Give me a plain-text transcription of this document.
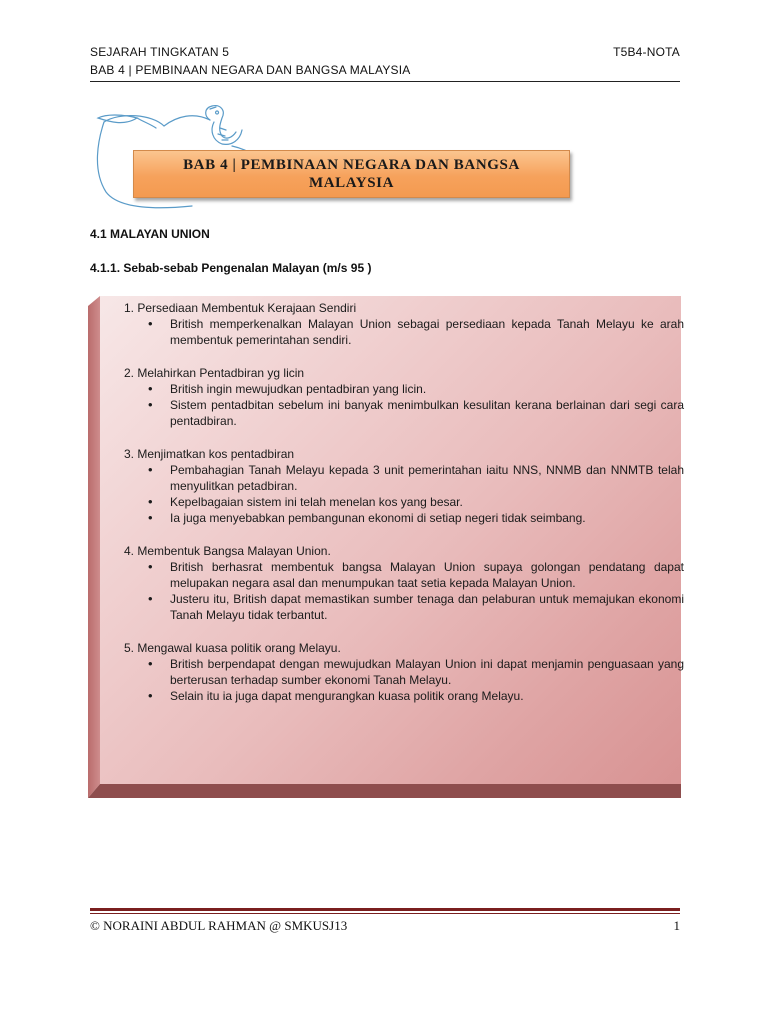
SEJARAH TINGKATAN 5	T5B4-NOTA
BAB 4 | PEMBINAAN NEGARA DAN BANGSA MALAYSIA
BAB 4 | PEMBINAAN NEGARA DAN BANGSA
MALAYSIA
4.1 MALAYAN UNION
4.1.1. Sebab-sebab Pengenalan Malayan (m/s 95 )
1. Persediaan Membentuk Kerajaan Sendiri
• British memperkenalkan Malayan Union sebagai persediaan kepada Tanah Melayu ke arah membentuk pemerintahan sendiri.
2. Melahirkan Pentadbiran yg licin
• British ingin mewujudkan pentadbiran yang licin.
• Sistem pentadbitan sebelum ini banyak menimbulkan kesulitan kerana berlainan dari segi cara pentadbiran.
3. Menjimatkan kos pentadbiran
• Pembahagian Tanah Melayu kepada 3 unit pemerintahan iaitu NNS, NNMB dan NNMTB telah menyulitkan petadbiran.
• Kepelbagaian sistem ini telah menelan kos yang besar.
• Ia juga menyebabkan pembangunan ekonomi di setiap negeri tidak seimbang.
4. Membentuk Bangsa Malayan Union.
• British berhasrat membentuk bangsa Malayan Union supaya golongan pendatang dapat melupakan negara asal dan menumpukan taat setia kepada Malayan Union.
• Justeru itu, British dapat memastikan sumber tenaga dan pelaburan untuk memajukan ekonomi Tanah Melayu tidak terbantut.
5. Mengawal kuasa politik orang Melayu.
• British berpendapat dengan mewujudkan Malayan Union ini dapat menjamin penguasaan yang berterusan terhadap sumber ekonomi Tanah Melayu.
• Selain itu ia juga dapat mengurangkan kuasa politik orang Melayu.
© NORAINI ABDUL RAHMAN @ SMKUSJ13	1
